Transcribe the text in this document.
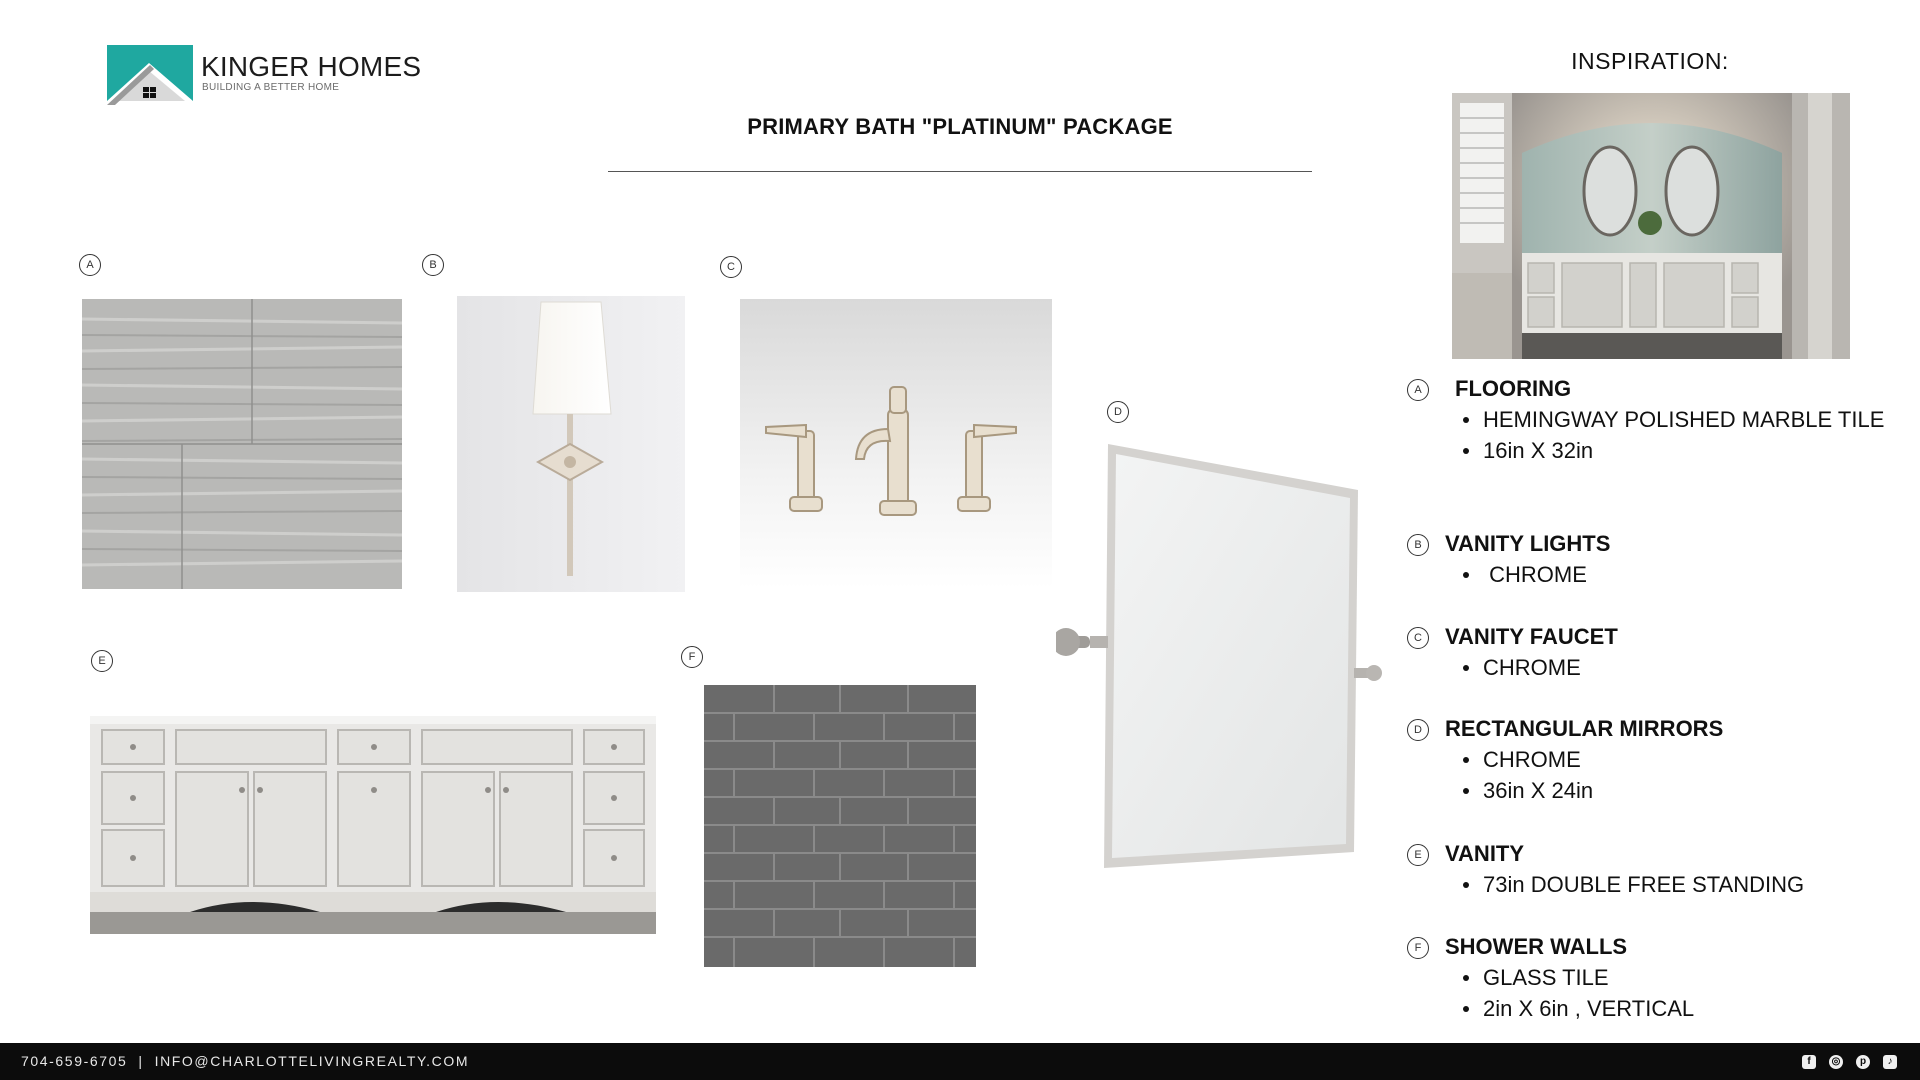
KINGER HOMES
BUILDING A BETTER HOME
PRIMARY BATH "PLATINUM" PACKAGE
INSPIRATION:
A	B	C
D
E	F
A	FLOORING
HEMINGWAY POLISHED MARBLE TILE
16in X 32in
B	VANITY LIGHTS
CHROME
C	VANITY FAUCET
CHROME
D	RECTANGULAR MIRRORS
CHROME
36in X 24in
E	VANITY
73in DOUBLE FREE STANDING
F	SHOWER WALLS
GLASS TILE
2in X 6in , VERTICAL
704-659-6705  |  INFO@CHARLOTTELIVINGREALTY.COM	f	◎	p	♪
